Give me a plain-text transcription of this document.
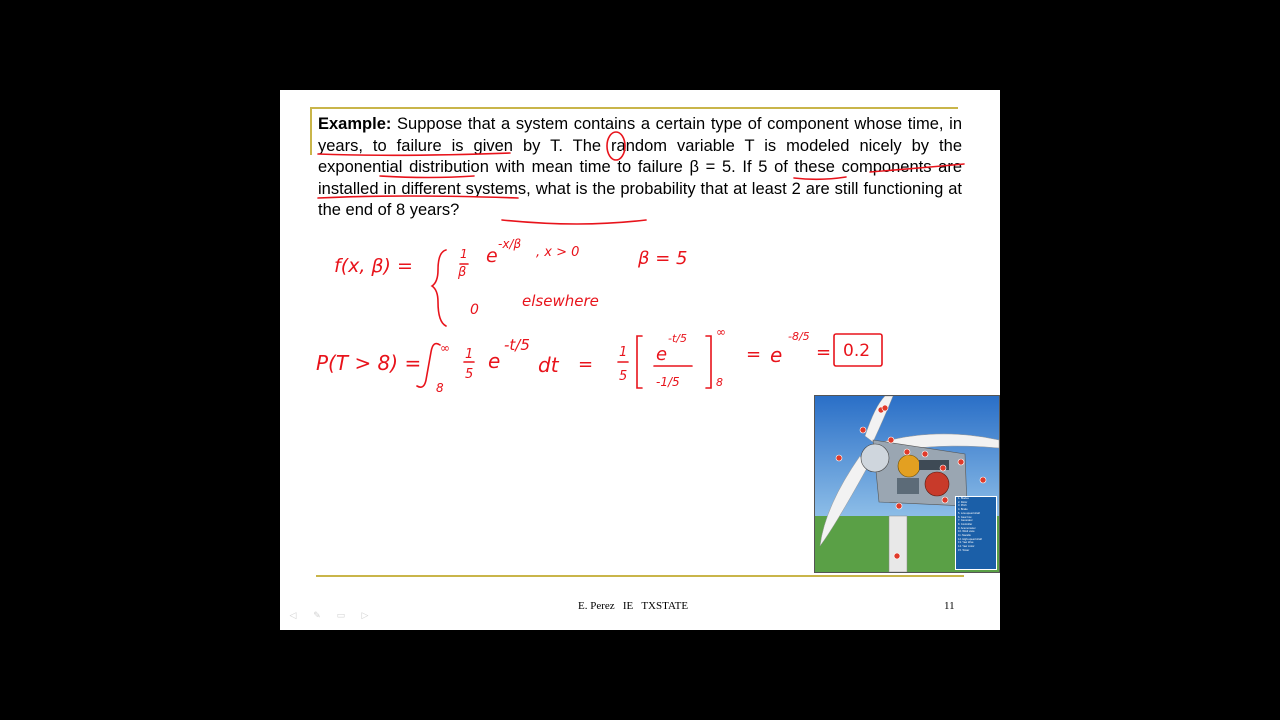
Example: Suppose that a system contains a certain type of component whose time, in years, to failure is given by T. The random variable T is modeled nicely by the exponential distribution with mean time to failure β = 5. If 5 of these components are installed in different systems, what is the probability that at least 2 are still functioning at the end of 8 years?

f(x, β) =
1
β
e
-x/β
, x > 0	β = 5
0	elsewhere
P(T > 8) =
∞
8
1
5
e
-t/5
dt =
1
5
e
-t/5
-1/5
∞
8
= e
-8/5
= 0.2
1. Blades
2. Rotor
3. Pitch
4. Brake
5. Low-speed shaft
6. Gear box
7. Generator
8. Controller
9. Anemometer
10. Wind vane
11. Nacelle
12. High-speed shaft
13. Yaw drive
14. Yaw motor
15. Tower
E. Perez   IE   TXSTATE	11
◁	✎	▭	▷
